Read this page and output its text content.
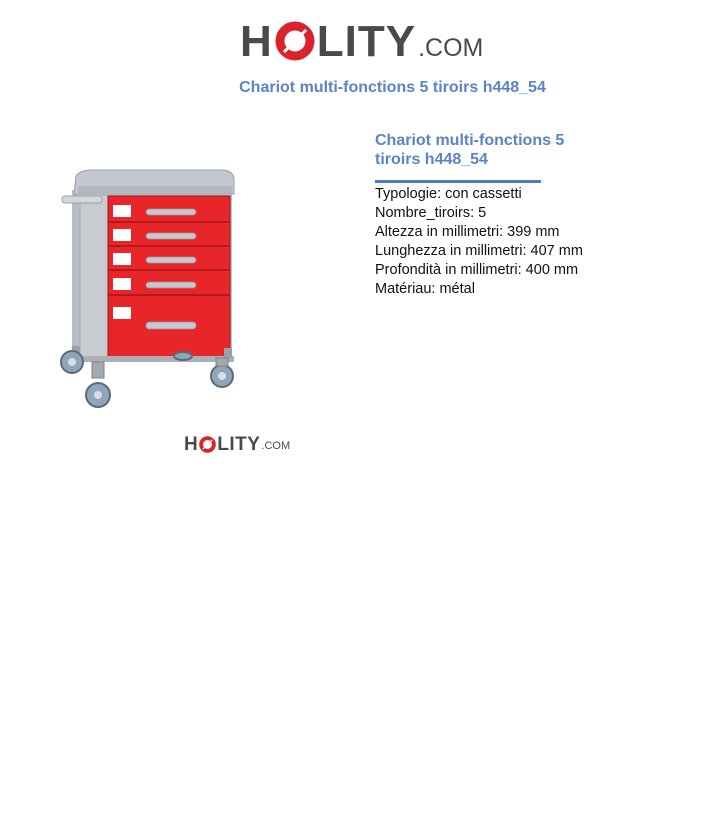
H LITY .COM
Chariot multi-fonctions 5 tiroirs h448_54
H LITY .COM

Chariot multi-fonctions 5
tiroirs h448_54

Typologie: con cassetti

Nombre_tiroirs: 5

Altezza in millimetri: 399 mm

Lunghezza in millimetri: 407 mm

Profondità in millimetri: 400 mm

Matériau: métal
